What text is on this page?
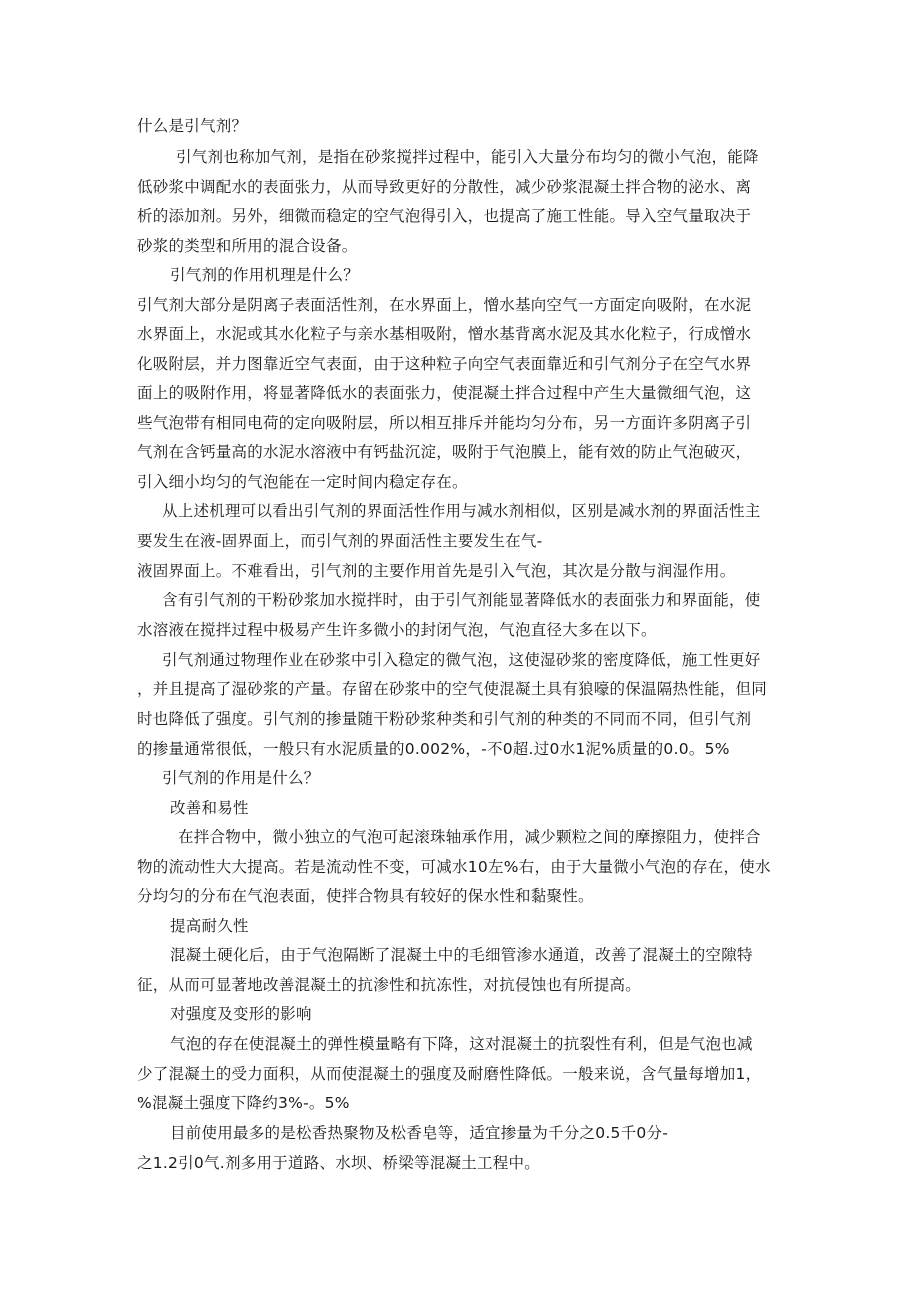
什么是引气剂？
引气剂也称加气剂，是指在砂浆搅拌过程中，能引入大量分布均匀的微小气泡，能降
低砂浆中调配水的表面张力，从而导致更好的分散性，减少砂浆混凝土拌合物的泌水、离
析的添加剂。另外，细微而稳定的空气泡得引入，也提高了施工性能。导入空气量取决于
砂浆的类型和所用的混合设备。
引气剂的作用机理是什么？
引气剂大部分是阴离子表面活性剂，在水界面上，憎水基向空气一方面定向吸附，在水泥
水界面上，水泥或其水化粒子与亲水基相吸附，憎水基背离水泥及其水化粒子，行成憎水
化吸附层，并力图靠近空气表面，由于这种粒子向空气表面靠近和引气剂分子在空气水界
面上的吸附作用，将显著降低水的表面张力，使混凝土拌合过程中产生大量微细气泡，这
些气泡带有相同电荷的定向吸附层，所以相互排斥并能均匀分布，另一方面许多阴离子引
气剂在含钙量高的水泥水溶液中有钙盐沉淀，吸附于气泡膜上，能有效的防止气泡破灭，
引入细小均匀的气泡能在一定时间内稳定存在。
从上述机理可以看出引气剂的界面活性作用与减水剂相似，区别是减水剂的界面活性主
要发生在液-固界面上，而引气剂的界面活性主要发生在气-
液固界面上。不难看出，引气剂的主要作用首先是引入气泡，其次是分散与润湿作用。
含有引气剂的干粉砂浆加水搅拌时，由于引气剂能显著降低水的表面张力和界面能，使
水溶液在搅拌过程中极易产生许多微小的封闭气泡，气泡直径大多在以下。
引气剂通过物理作业在砂浆中引入稳定的微气泡，这使湿砂浆的密度降低，施工性更好
，并且提高了湿砂浆的产量。存留在砂浆中的空气使混凝土具有狼嚎的保温隔热性能，但同
时也降低了强度。引气剂的掺量随干粉砂浆种类和引气剂的种类的不同而不同，但引气剂
的掺量通常很低，一般只有水泥质量的0.002%，-不0超.过0水1泥%质量的0.0。5%
引气剂的作用是什么？
改善和易性
在拌合物中，微小独立的气泡可起滚珠轴承作用，减少颗粒之间的摩擦阻力，使拌合
物的流动性大大提高。若是流动性不变，可减水10左%右，由于大量微小气泡的存在，使水
分均匀的分布在气泡表面，使拌合物具有较好的保水性和黏聚性。
提高耐久性
混凝土硬化后，由于气泡隔断了混凝土中的毛细管渗水通道，改善了混凝土的空隙特
征，从而可显著地改善混凝土的抗渗性和抗冻性，对抗侵蚀也有所提高。
对强度及变形的影响
气泡的存在使混凝土的弹性模量略有下降，这对混凝土的抗裂性有利，但是气泡也减
少了混凝土的受力面积，从而使混凝土的强度及耐磨性降低。一般来说，含气量每增加1，
%混凝土强度下降约3%-。5%
目前使用最多的是松香热聚物及松香皂等，适宜掺量为千分之0.5千0分-
之1.2引0气.剂多用于道路、水坝、桥梁等混凝土工程中。
